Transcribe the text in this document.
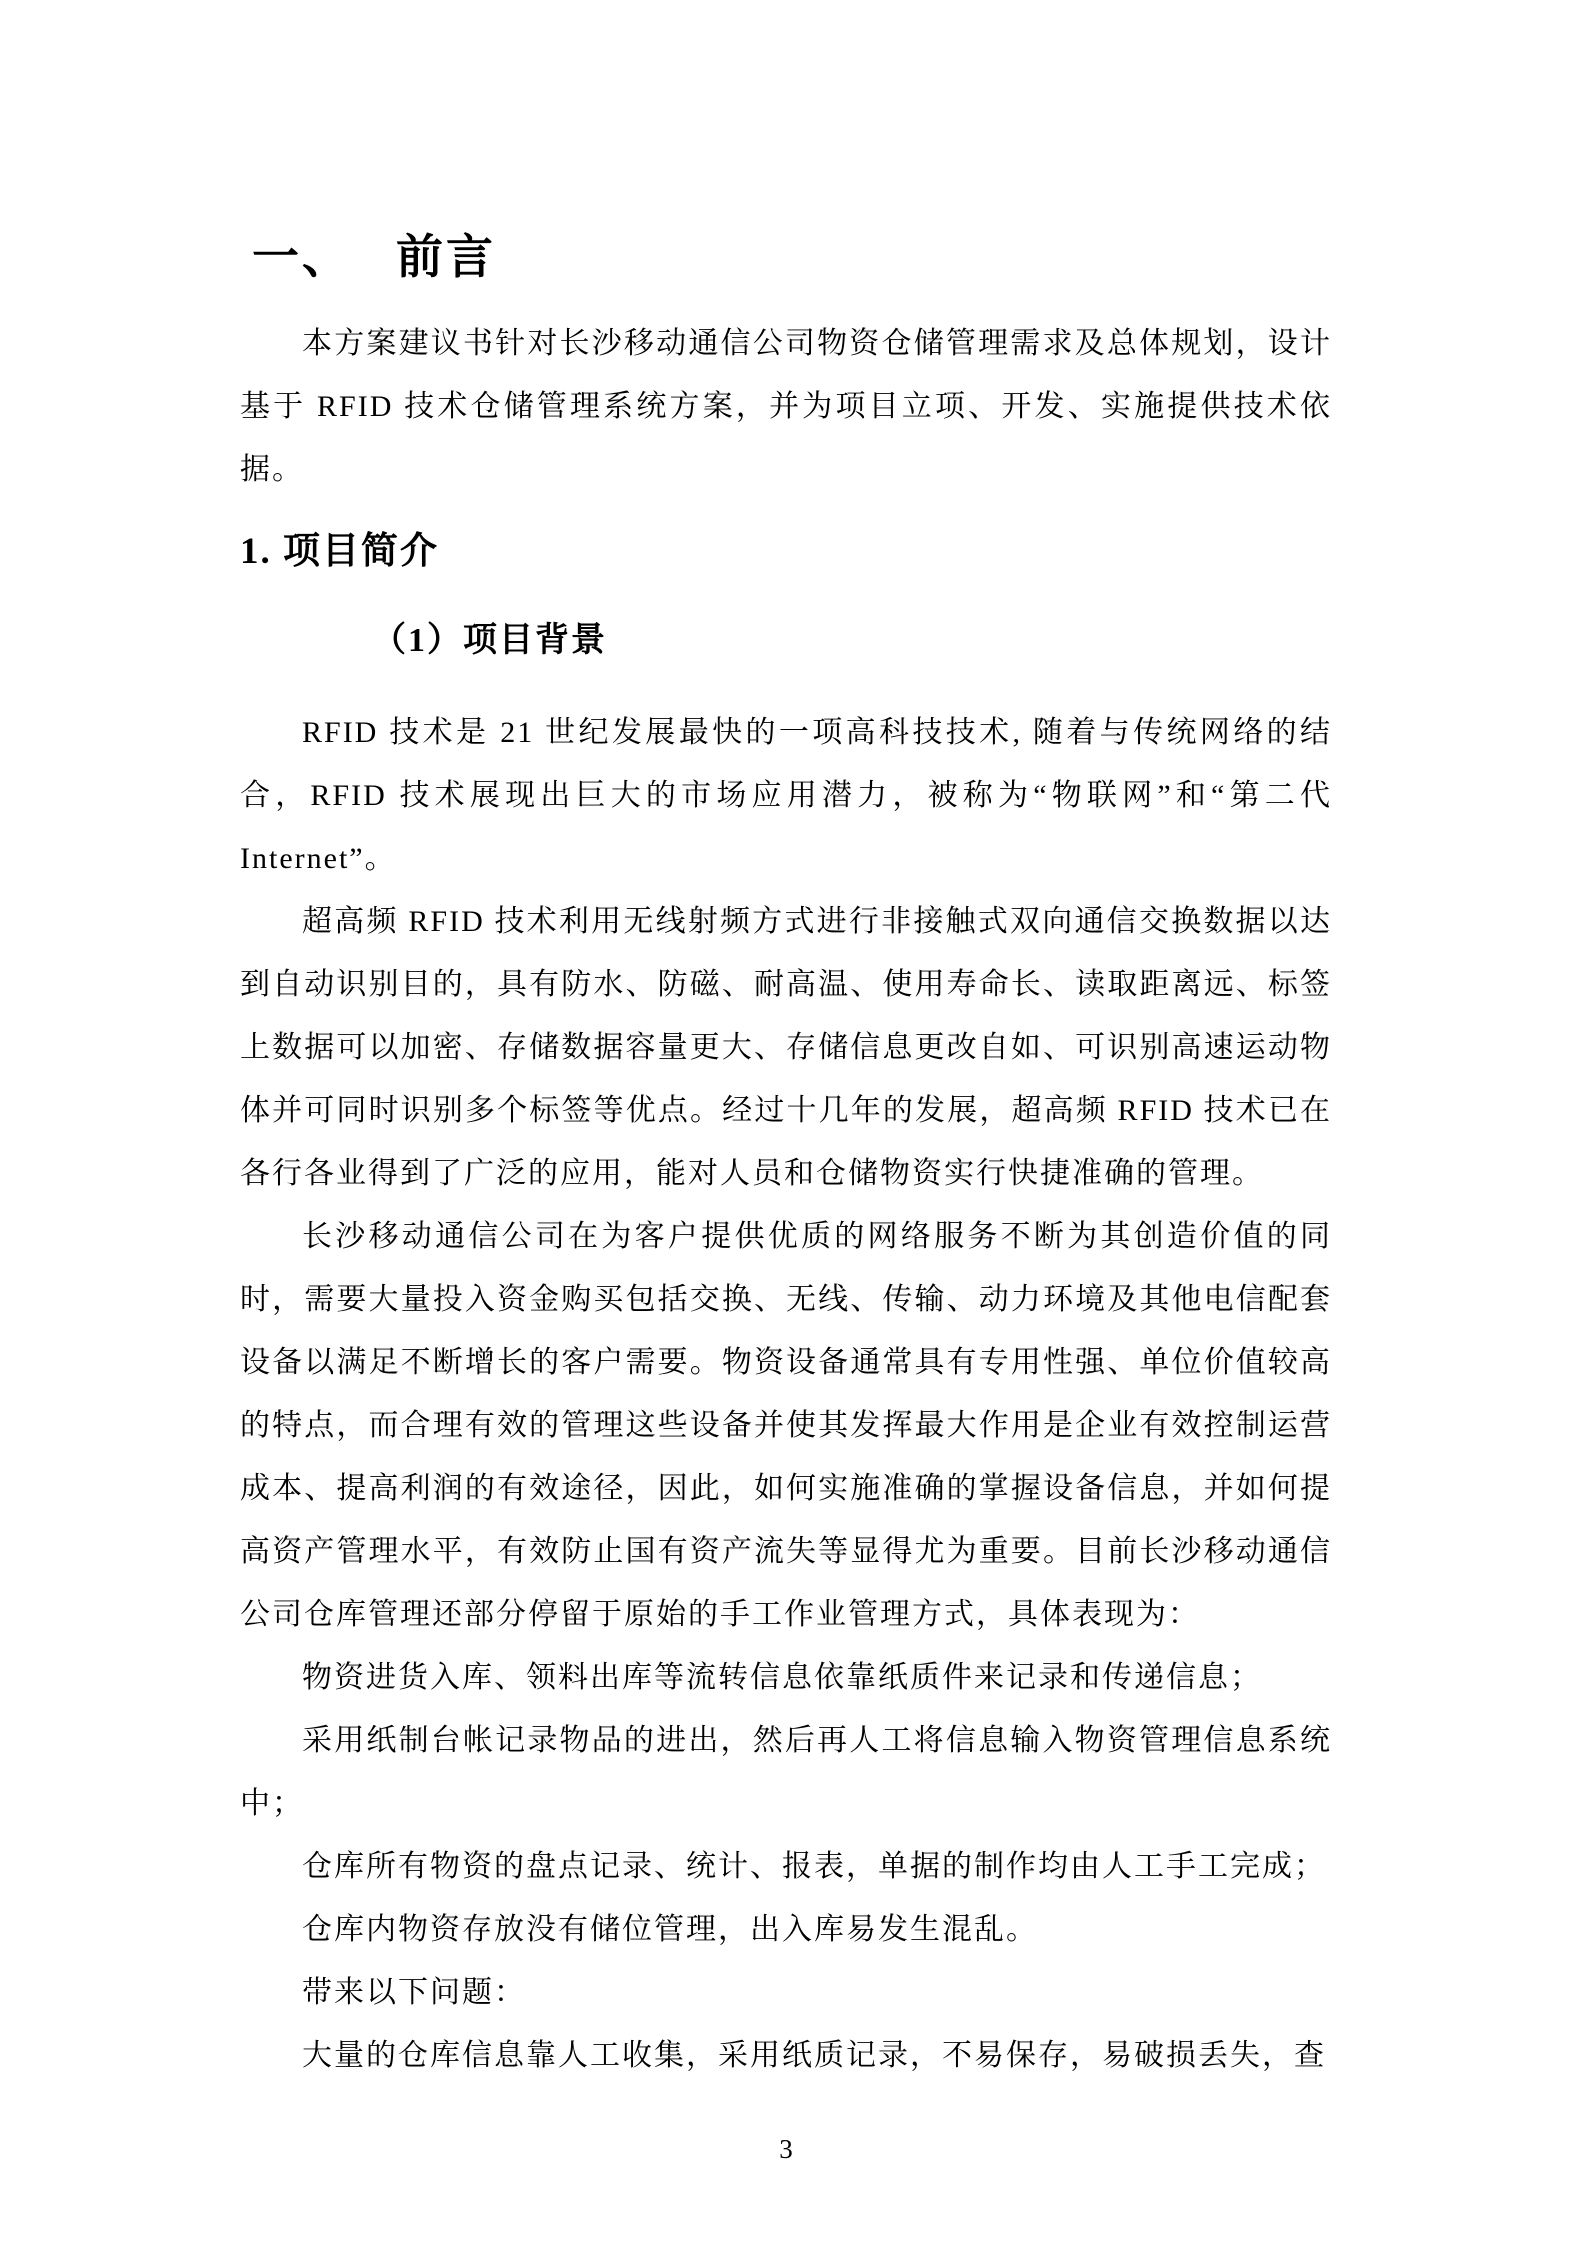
一、 前言

本方案建议书针对长沙移动通信公司物资仓储管理需求及总体规划，设计基于 RFID 技术仓储管理系统方案，并为项目立项、开发、实施提供技术依据。

1. 项目简介
（1）项目背景

RFID 技术是 21 世纪发展最快的一项高科技技术, 随着与传统网络的结合，RFID 技术展现出巨大的市场应用潜力，被称为“物联网”和“第二代 Internet”。

超高频 RFID 技术利用无线射频方式进行非接触式双向通信交换数据以达到自动识别目的，具有防水、防磁、耐高温、使用寿命长、读取距离远、标签上数据可以加密、存储数据容量更大、存储信息更改自如、可识别高速运动物体并可同时识别多个标签等优点。经过十几年的发展，超高频 RFID 技术已在各行各业得到了广泛的应用，能对人员和仓储物资实行快捷准确的管理。

长沙移动通信公司在为客户提供优质的网络服务不断为其创造价值的同时，需要大量投入资金购买包括交换、无线、传输、动力环境及其他电信配套设备以满足不断增长的客户需要。物资设备通常具有专用性强、单位价值较高的特点，而合理有效的管理这些设备并使其发挥最大作用是企业有效控制运营成本、提高利润的有效途径，因此，如何实施准确的掌握设备信息，并如何提高资产管理水平，有效防止国有资产流失等显得尤为重要。目前长沙移动通信公司仓库管理还部分停留于原始的手工作业管理方式，具体表现为：

物资进货入库、领料出库等流转信息依靠纸质件来记录和传递信息；

采用纸制台帐记录物品的进出，然后再人工将信息输入物资管理信息系统中；

仓库所有物资的盘点记录、统计、报表，单据的制作均由人工手工完成；

仓库内物资存放没有储位管理，出入库易发生混乱。

带来以下问题：

大量的仓库信息靠人工收集，采用纸质记录，不易保存，易破损丢失，查

3
